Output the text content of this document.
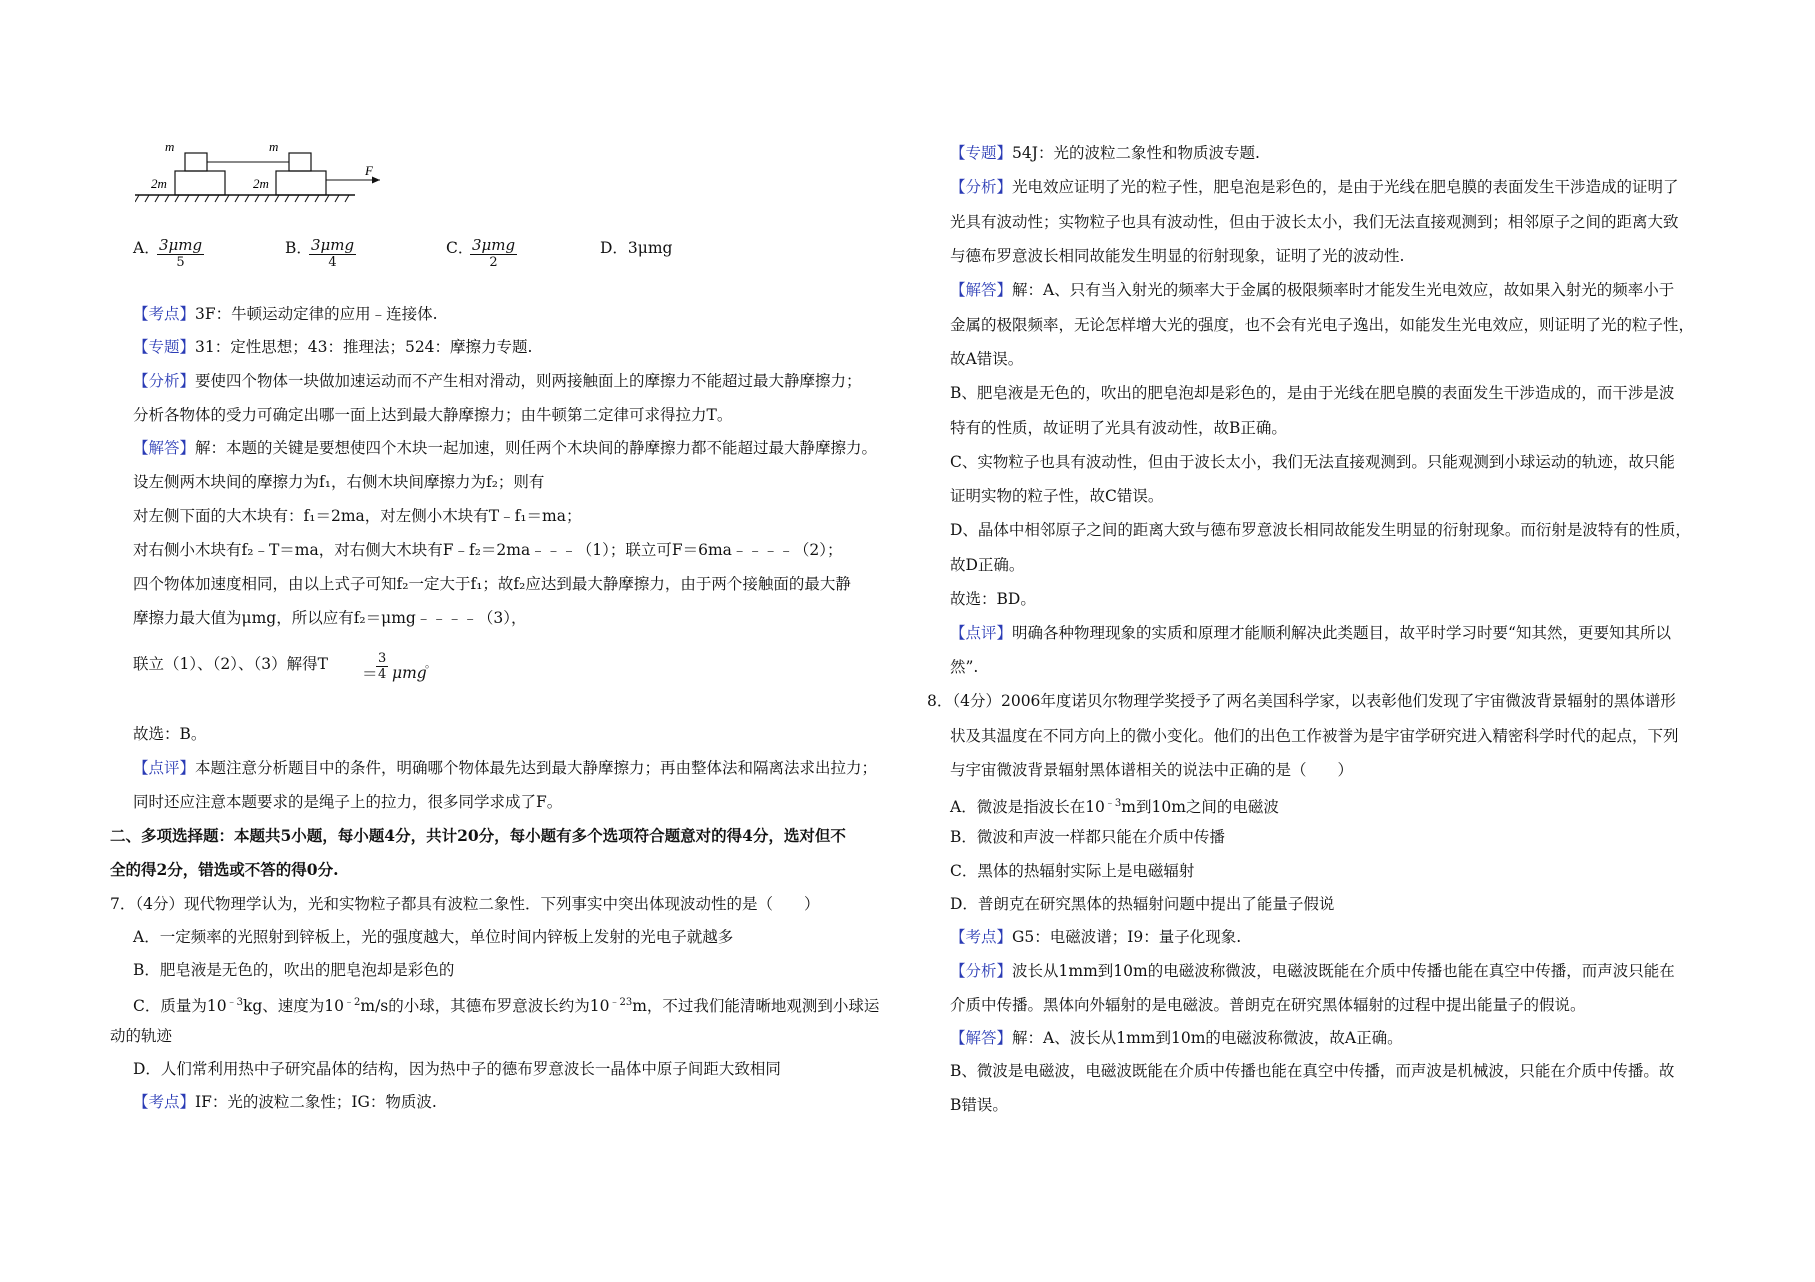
m	m
2m	2m
F
A． 3μmg
5
B． 3μmg
4
C．
3μmg
2
D．3μmg
【考点】3F：牛顿运动定律的应用﹣连接体.
【专题】31：定性思想；43：推理法；524：摩擦力专题.
【分析】要使四个物体一块做加速运动而不产生相对滑动，则两接触面上的摩擦力不能超过最大静摩擦力；
分析各物体的受力可确定出哪一面上达到最大静摩擦力；由牛顿第二定律可求得拉力T。
【解答】解：本题的关键是要想使四个木块一起加速，则任两个木块间的静摩擦力都不能超过最大静摩擦力。
设左侧两木块间的摩擦力为f₁，右侧木块间摩擦力为f₂；则有
对左侧下面的大木块有：f₁＝2ma，对左侧小木块有T﹣f₁＝ma；
对右侧小木块有f₂﹣T＝ma，对右侧大木块有F﹣f₂＝2ma﹣﹣﹣（1）；联立可F＝6ma﹣﹣﹣﹣（2）；
四个物体加速度相同，由以上式子可知f₂一定大于f₁；故f₂应达到最大静摩擦力，由于两个接触面的最大静
摩擦力最大值为μmg，所以应有f₂＝μmg﹣﹣﹣﹣（3），
联立（1）、（2）、（3）解得T
＝
$\frac{3}{4}$ μmg
。
故选：B。
【点评】本题注意分析题目中的条件，明确哪个物体最先达到最大静摩擦力；再由整体法和隔离法求出拉力；
同时还应注意本题要求的是绳子上的拉力，很多同学求成了F。
二、多项选择题：本题共5小题，每小题4分，共计20分，每小题有多个选项符合题意对的得4分，选对但不
全的得2分，错选或不答的得0分.
7．（4分）现代物理学认为，光和实物粒子都具有波粒二象性．下列事实中突出体现波动性的是（　　）
A．一定频率的光照射到锌板上，光的强度越大，单位时间内锌板上发射的光电子就越多
B．肥皂液是无色的，吹出的肥皂泡却是彩色的
C．质量为$10^{﹣3}kg$、速度为$10^{﹣2}m/s$的小球，其德布罗意波长约为$10^{﹣23}m$，不过我们能清晰地观测到小球运
动的轨迹
D．人们常利用热中子研究晶体的结构，因为热中子的德布罗意波长一晶体中原子间距大致相同
【考点】IF：光的波粒二象性；IG：物质波.
【专题】54J：光的波粒二象性和物质波专题.
【分析】光电效应证明了光的粒子性，肥皂泡是彩色的，是由于光线在肥皂膜的表面发生干涉造成的证明了
光具有波动性；实物粒子也具有波动性，但由于波长太小，我们无法直接观测到；相邻原子之间的距离大致
与德布罗意波长相同故能发生明显的衍射现象，证明了光的波动性.
【解答】解：A、只有当入射光的频率大于金属的极限频率时才能发生光电效应，故如果入射光的频率小于
金属的极限频率，无论怎样增大光的强度，也不会有光电子逸出，如能发生光电效应，则证明了光的粒子性，
故A错误。
B、肥皂液是无色的，吹出的肥皂泡却是彩色的，是由于光线在肥皂膜的表面发生干涉造成的，而干涉是波
特有的性质，故证明了光具有波动性，故B正确。
C、实物粒子也具有波动性，但由于波长太小，我们无法直接观测到。只能观测到小球运动的轨迹，故只能
证明实物的粒子性，故C错误。
D、晶体中相邻原子之间的距离大致与德布罗意波长相同故能发生明显的衍射现象。而衍射是波特有的性质，
故D正确。
故选：BD。
【点评】明确各种物理现象的实质和原理才能顺利解决此类题目，故平时学习时要“知其然，更要知其所以
然”.
8．（4分）2006年度诺贝尔物理学奖授予了两名美国科学家，以表彰他们发现了宇宙微波背景辐射的黑体谱形
状及其温度在不同方向上的微小变化。他们的出色工作被誉为是宇宙学研究进入精密科学时代的起点，下列
与宇宙微波背景辐射黑体谱相关的说法中正确的是（　　）
A．微波是指波长在$10^{﹣3}m$到10m之间的电磁波
B．微波和声波一样都只能在介质中传播
C．黑体的热辐射实际上是电磁辐射
D．普朗克在研究黑体的热辐射问题中提出了能量子假说
【考点】G5：电磁波谱；I9：量子化现象.
【分析】波长从1mm到10m的电磁波称微波，电磁波既能在介质中传播也能在真空中传播，而声波只能在
介质中传播。黑体向外辐射的是电磁波。普朗克在研究黑体辐射的过程中提出能量子的假说。
【解答】解：A、波长从1mm到10m的电磁波称微波，故A正确。
B、微波是电磁波，电磁波既能在介质中传播也能在真空中传播，而声波是机械波，只能在介质中传播。故
B错误。
